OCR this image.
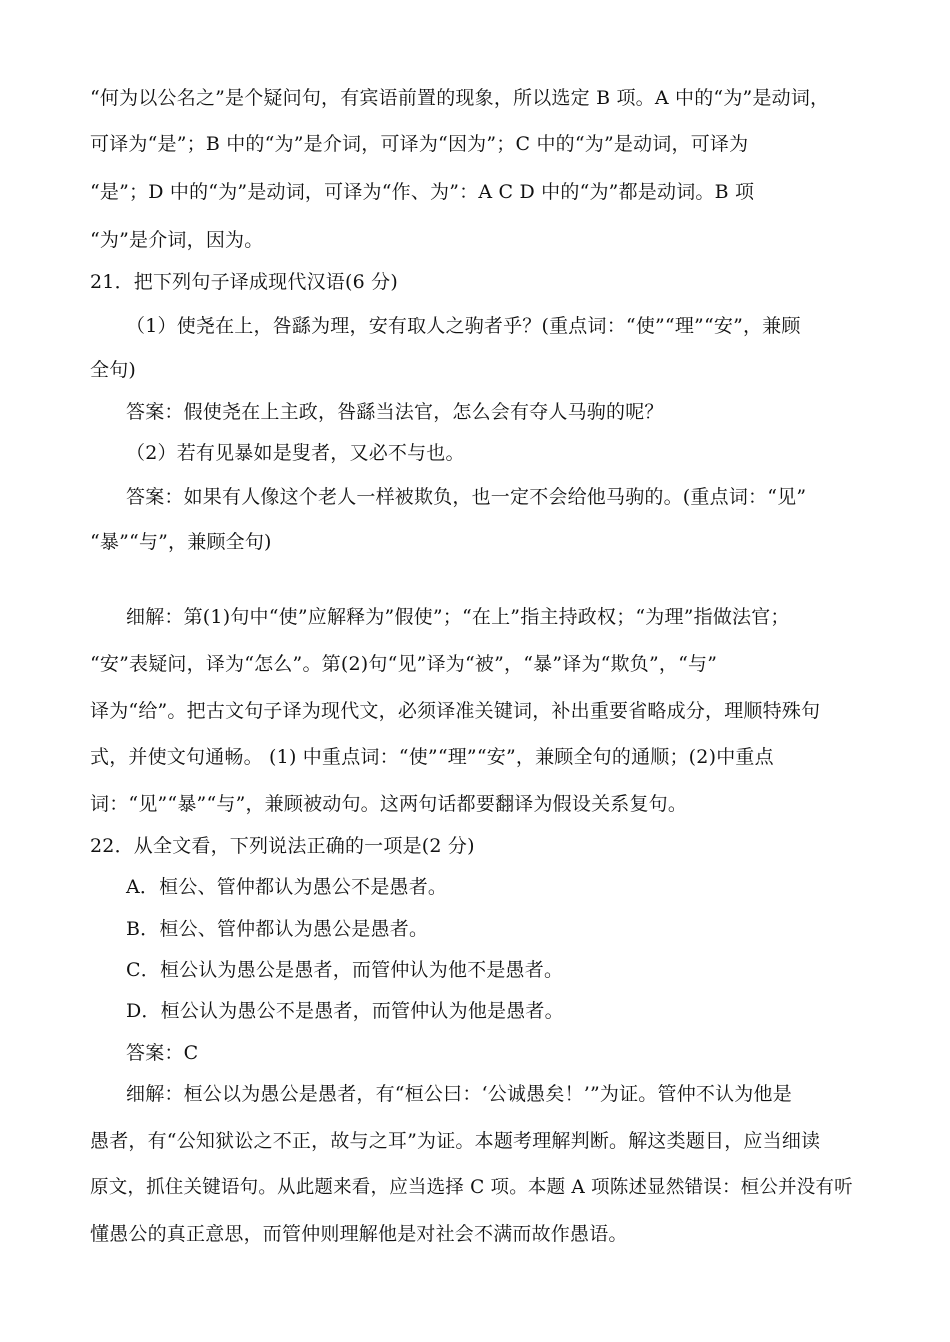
“何为以公名之”是个疑问句，有宾语前置的现象，所以选定 B 项。A 中的“为”是动词，
可译为“是”；B 中的“为”是介词，可译为“因为”；C 中的“为”是动词，可译为
“是”；D 中的“为”是动词，可译为“作、为”：A C D 中的“为”都是动词。B 项
“为”是介词，因为。
21．把下列句子译成现代汉语(6 分)
（1）使尧在上，咎繇为理，安有取人之驹者乎？(重点词：“使”“理”“安”，兼顾
全句)
答案：假使尧在上主政，咎繇当法官，怎么会有夺人马驹的呢？
（2）若有见暴如是叟者，又必不与也。
答案：如果有人像这个老人一样被欺负，也一定不会给他马驹的。(重点词：“见”
“暴”“与”，兼顾全句)
细解：第(1)句中“使”应解释为”假使”；“在上”指主持政权；“为理”指做法官；
“安”表疑问，译为“怎么”。第(2)句“见”译为“被”，“暴”译为“欺负”，“与”
译为“给”。把古文句子译为现代文，必须译准关键词，补出重要省略成分，理顺特殊句
式，并使文句通畅。 (1) 中重点词：“使”“理”“安”，兼顾全句的通顺；(2)中重点
词：“见”“暴”“与”，兼顾被动句。这两句话都要翻译为假设关系复句。
22．从全文看，下列说法正确的一项是(2 分)
A．桓公、管仲都认为愚公不是愚者。
B．桓公、管仲都认为愚公是愚者。
C．桓公认为愚公是愚者，而管仲认为他不是愚者。
D．桓公认为愚公不是愚者，而管仲认为他是愚者。
答案：C
细解：桓公以为愚公是愚者，有“桓公曰：‘公诚愚矣！’”为证。管仲不认为他是
愚者，有“公知狱讼之不正，故与之耳”为证。本题考理解判断。解这类题目，应当细读
原文，抓住关键语句。从此题来看，应当选择 C 项。本题 A 项陈述显然错误：桓公并没有听
懂愚公的真正意思，而管仲则理解他是对社会不满而故作愚语。
